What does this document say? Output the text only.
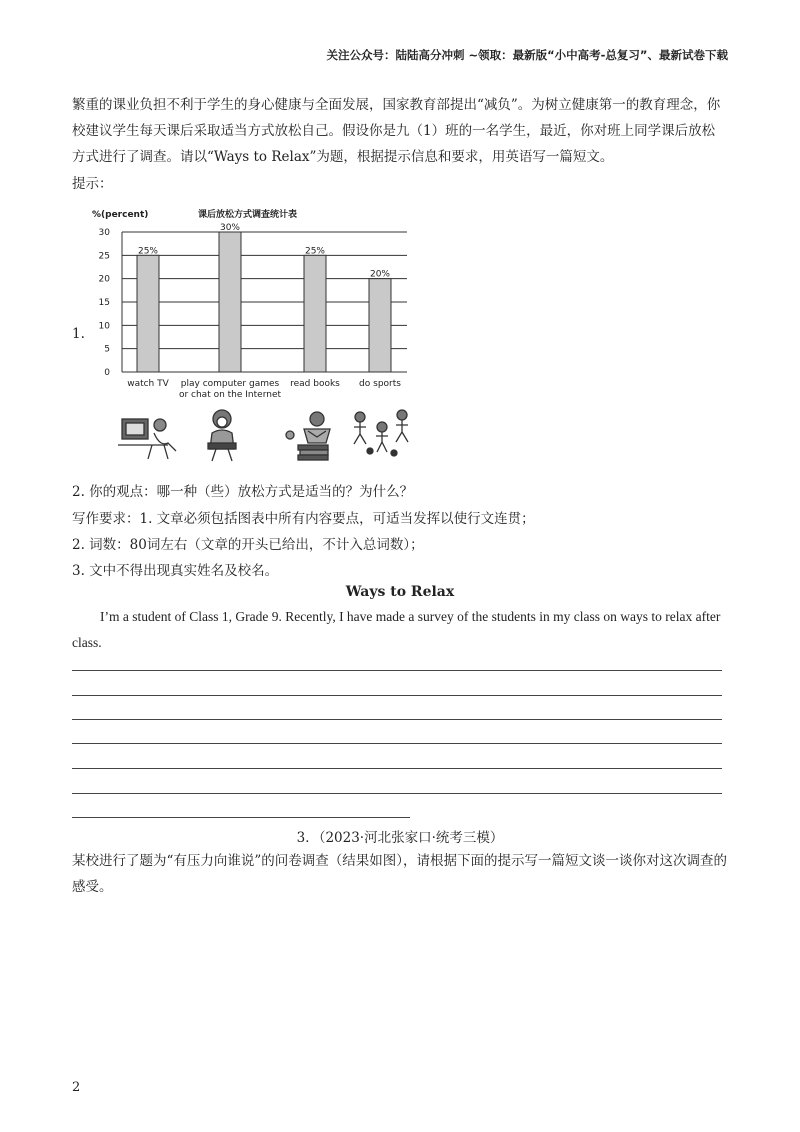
关注公众号：陆陆高分冲刺 ~领取：最新版“小中高考-总复习”、最新试卷下载
繁重的课业负担不利于学生的身心健康与全面发展，国家教育部提出“减负”。为树立健康第一的教育理念，你校建议学生每天课后采取适当方式放松自己。假设你是九（1）班的一名学生，最近，你对班上同学课后放松方式进行了调查。请以“Ways to Relax”为题，根据提示信息和要求，用英语写一篇短文。
提示：
1.
%(percent)	课后放松方式调查统计表
0
5
10
15
20
25
30
25%
watch TV
30%
play computer games
or chat on the Internet
25%
read books
20%
do sports
2. 你的观点：哪一种（些）放松方式是适当的？为什么？
写作要求：1. 文章必须包括图表中所有内容要点，可适当发挥以使行文连贯；
2. 词数：80词左右（文章的开头已给出，不计入总词数）；
3. 文中不得出现真实姓名及校名。
Ways to Relax
I’m a student of Class 1, Grade 9. Recently, I have made a survey of the students in my class on ways to relax after class.
3．（2023·河北张家口·统考三模）
某校进行了题为“有压力向谁说”的问卷调查（结果如图），请根据下面的提示写一篇短文谈一谈你对这次调查的感受。
2
